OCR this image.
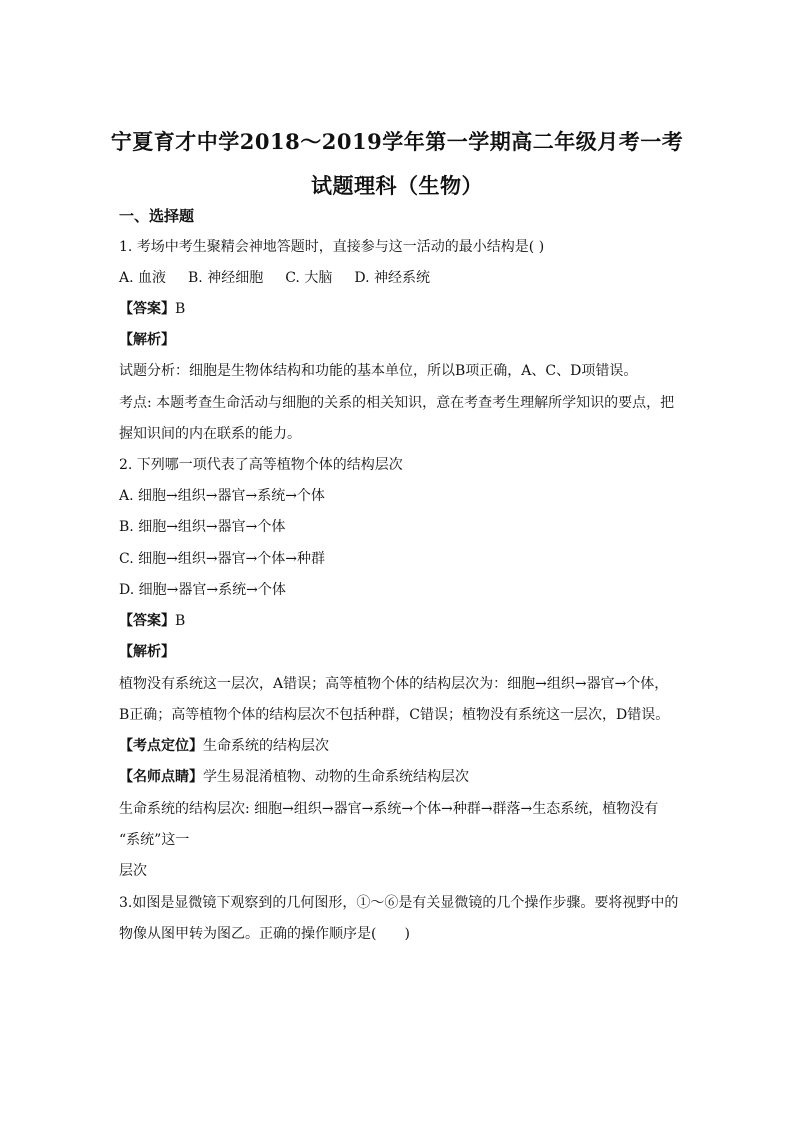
宁夏育才中学2018～2019学年第一学期高二年级月考一考
试题理科（生物）
一、选择题
1. 考场中考生聚精会神地答题时，直接参与这一活动的最小结构是( )
A. 血液 B. 神经细胞 C. 大脑 D. 神经系统
【答案】B
【解析】
试题分析：细胞是生物体结构和功能的基本单位，所以B项正确，A、C、D项错误。
考点: 本题考查生命活动与细胞的关系的相关知识，意在考查考生理解所学知识的要点，把
握知识间的内在联系的能力。
2. 下列哪一项代表了高等植物个体的结构层次
A. 细胞→组织→器官→系统→个体
B. 细胞→组织→器官→个体
C. 细胞→组织→器官→个体→种群
D. 细胞→器官→系统→个体
【答案】B
【解析】
植物没有系统这一层次，A错误；高等植物个体的结构层次为：细胞→组织→器官→个体，
B正确；高等植物个体的结构层次不包括种群，C错误；植物没有系统这一层次，D错误。
【考点定位】生命系统的结构层次
【名师点睛】学生易混淆植物、动物的生命系统结构层次
生命系统的结构层次: 细胞→组织→器官→系统→个体→种群→群落→生态系统，植物没有
“系统”这一
层次
3.如图是显微镜下观察到的几何图形，①～⑥是有关显微镜的几个操作步骤。要将视野中的
物像从图甲转为图乙。正确的操作顺序是(　　)
